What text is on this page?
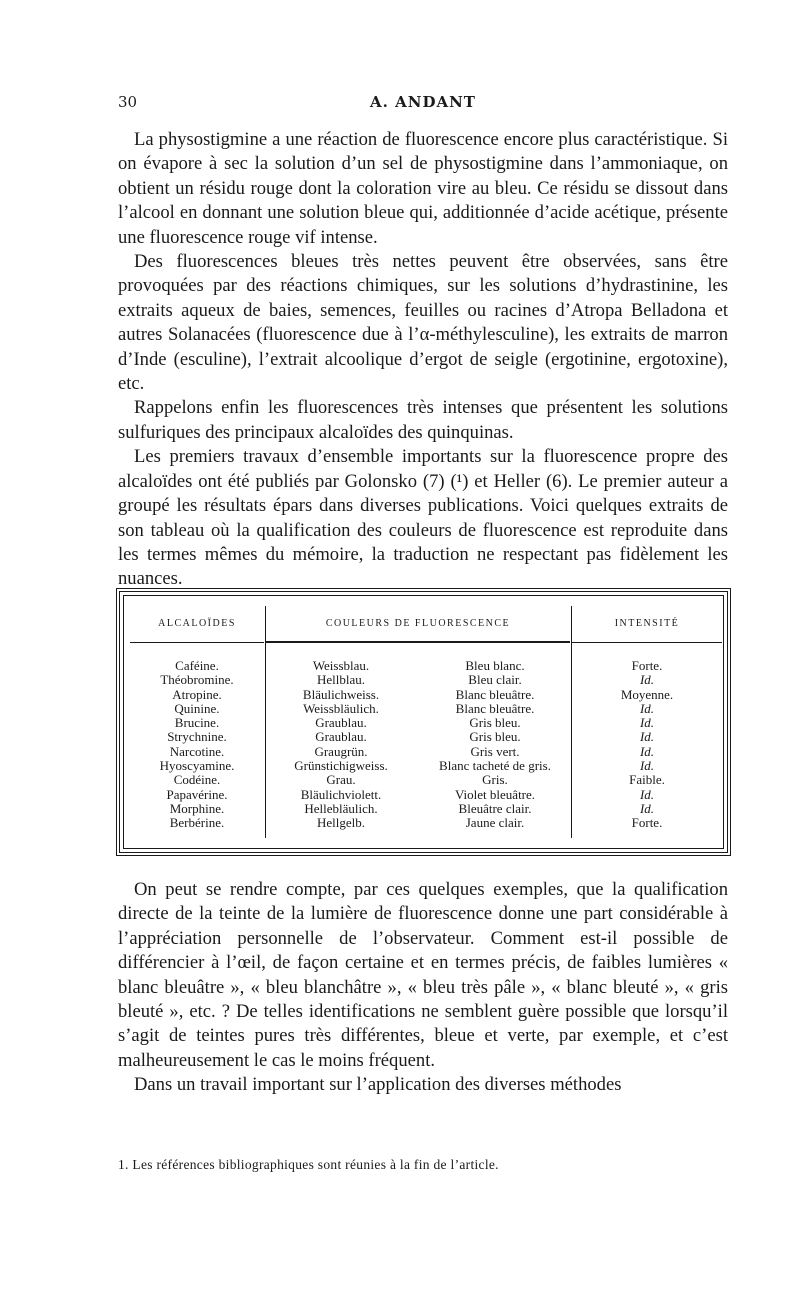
30	A. ANDANT

La physostigmine a une réaction de fluorescence encore plus caractéristique. Si on évapore à sec la solution d’un sel de physostigmine dans l’ammoniaque, on obtient un résidu rouge dont la coloration vire au bleu. Ce résidu se dissout dans l’alcool en donnant une solution bleue qui, additionnée d’acide acétique, présente une fluorescence rouge vif intense.

Des fluorescences bleues très nettes peuvent être observées, sans être provoquées par des réactions chimiques, sur les solutions d’hydrastinine, les extraits aqueux de baies, semences, feuilles ou racines d’Atropa Belladona et autres Solanacées (fluorescence due à l’α-méthylesculine), les extraits de marron d’Inde (esculine), l’extrait alcoolique d’ergot de seigle (ergotinine, ergotoxine), etc.

Rappelons enfin les fluorescences très intenses que présentent les solutions sulfuriques des principaux alcaloïdes des quinquinas.

Les premiers travaux d’ensemble importants sur la fluorescence propre des alcaloïdes ont été publiés par Golonsko (7) (¹) et Heller (6). Le premier auteur a groupé les résultats épars dans diverses publications. Voici quelques extraits de son tableau où la qualification des couleurs de fluorescence est reproduite dans les termes mêmes du mémoire, la traduction ne respectant pas fidèlement les nuances.

ALCALOÏDES	COULEURS DE FLUORESCENCE	INTENSITÉ
Caféine.	Weissblau.	Bleu blanc.	Forte.
Théobromine.	Hellblau.	Bleu clair.	Id.
Atropine.	Bläulichweiss.	Blanc bleuâtre.	Moyenne.
Quinine.	Weissbläulich.	Blanc bleuâtre.	Id.
Brucine.	Graublau.	Gris bleu.	Id.
Strychnine.	Graublau.	Gris bleu.	Id.
Narcotine.	Graugrün.	Gris vert.	Id.
Hyoscyamine.	Grünstichigweiss.	Blanc tacheté de gris.	Id.
Codéine.	Grau.	Gris.	Faible.
Papavérine.	Bläulichviolett.	Violet bleuâtre.	Id.
Morphine.	Hellebläulich.	Bleuâtre clair.	Id.
Berbérine.	Hellgelb.	Jaune clair.	Forte.

On peut se rendre compte, par ces quelques exemples, que la qualification directe de la teinte de la lumière de fluorescence donne une part considérable à l’appréciation personnelle de l’observateur. Comment est-il possible de différencier à l’œil, de façon certaine et en termes précis, de faibles lumières « blanc bleuâtre », « bleu blanchâtre », « bleu très pâle », « blanc bleuté », « gris bleuté », etc. ? De telles identifications ne semblent guère possible que lorsqu’il s’agit de teintes pures très différentes, bleue et verte, par exemple, et c’est malheureusement le cas le moins fréquent.

Dans un travail important sur l’application des diverses méthodes

1. Les références bibliographiques sont réunies à la fin de l’article.
